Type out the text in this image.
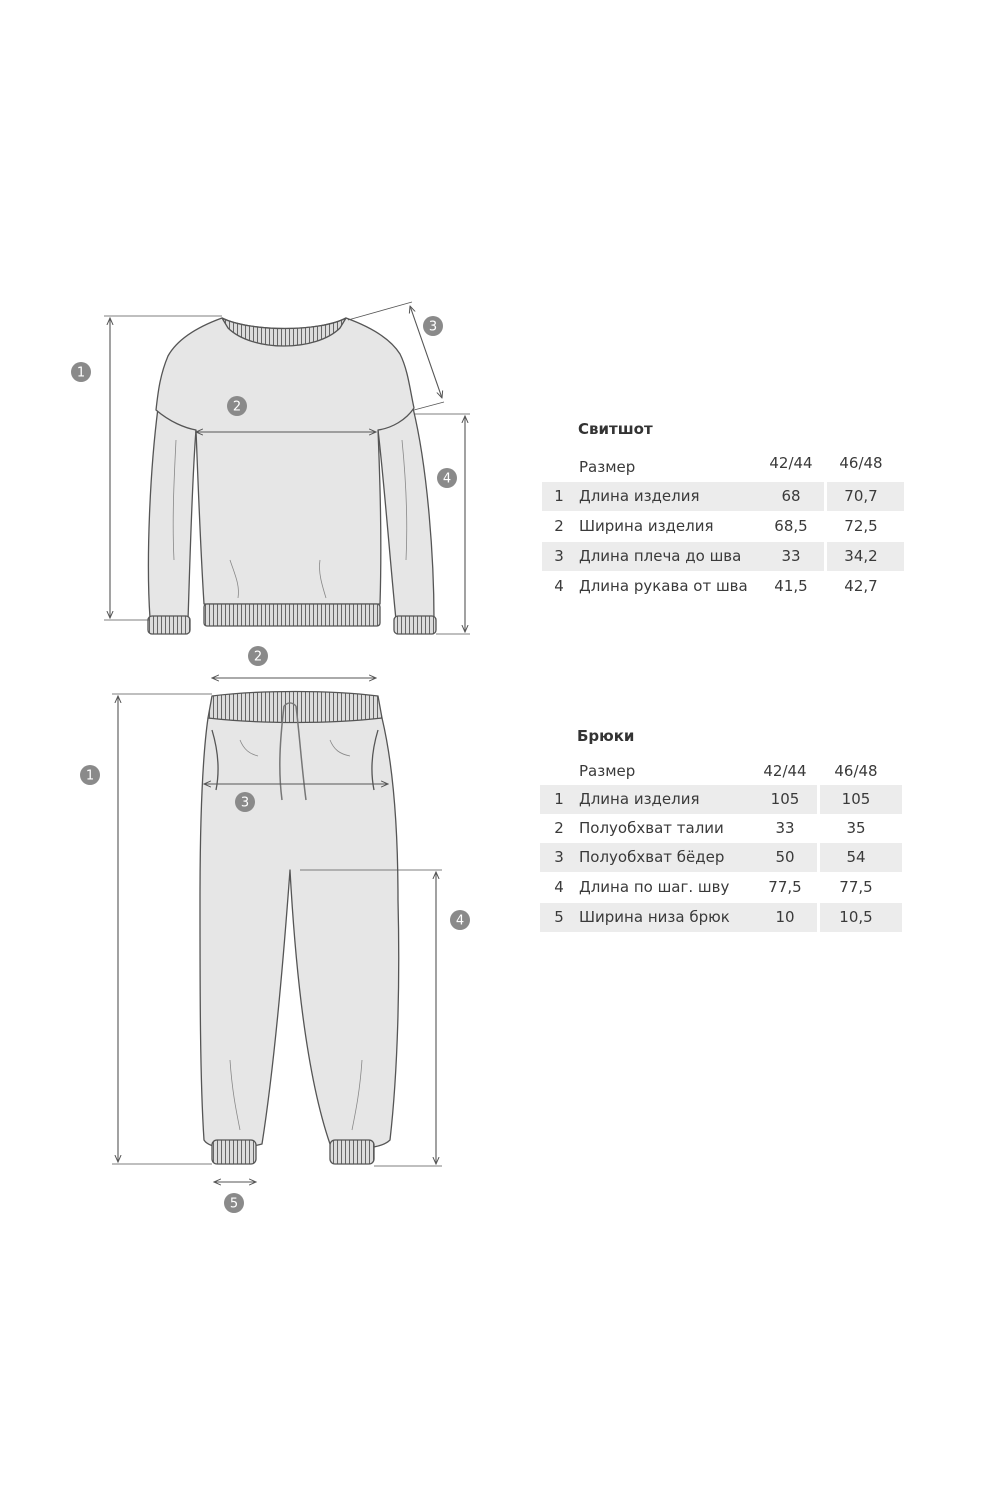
1
2
3
4
1
2
3
4
5
Свитшот
Размер	42/44	46/48
1	Длина изделия	68	70,7
2	Ширина изделия	68,5	72,5
3	Длина плеча до шва	33	34,2
4	Длина рукава от шва	41,5	42,7
Брюки
Размер	42/44	46/48
1	Длина изделия	105	105
2	Полуобхват талии	33	35
3	Полуобхват бёдер	50	54
4	Длина по шаг. шву	77,5	77,5
5	Ширина низа брюк	10	10,5
